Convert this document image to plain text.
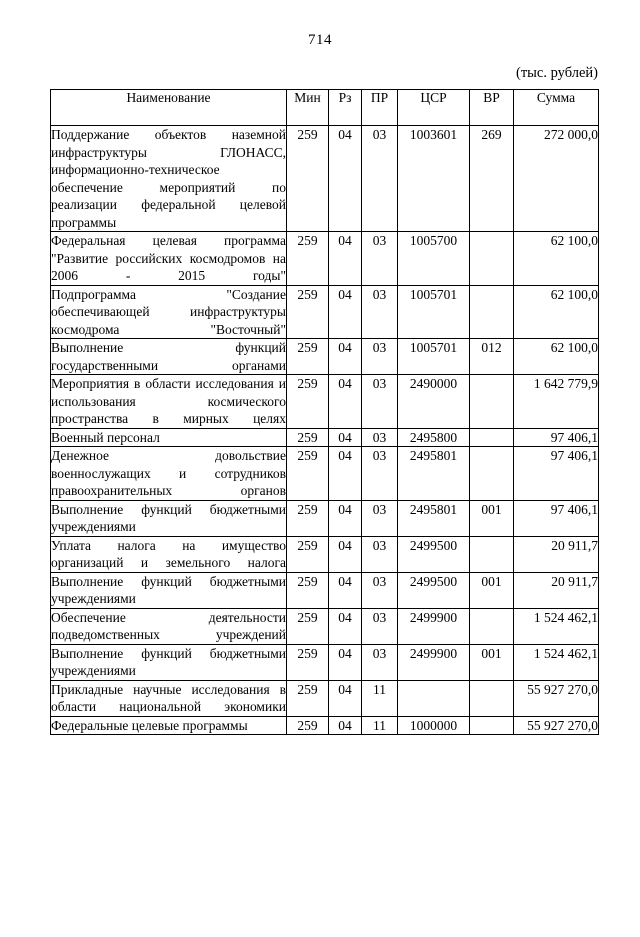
714
(тыс. рублей)
Наименование	Мин	Рз	ПР	ЦСР	ВР	Сумма
Поддержание объектов наземной инфраструктуры ГЛОНАСС, информационно-техническое обеспечение мероприятий по реализации федеральной целевой программы	259	04	03	1003601	269	272 000,0
Федеральная целевая программа "Развитие российских космодромов на 2006 - 2015 годы"	259	04	03	1005700		62 100,0
Подпрограмма "Создание обеспечивающей инфраструктуры космодрома "Восточный"	259	04	03	1005701		62 100,0
Выполнение функций государственными органами	259	04	03	1005701	012	62 100,0
Мероприятия в области исследования и использования космического пространства в мирных целях	259	04	03	2490000		1 642 779,9
Военный персонал	259	04	03	2495800		97 406,1
Денежное довольствие военнослужащих и сотрудников правоохранительных органов	259	04	03	2495801		97 406,1
Выполнение функций бюджетными учреждениями	259	04	03	2495801	001	97 406,1
Уплата налога на имущество организаций и земельного налога	259	04	03	2499500		20 911,7
Выполнение функций бюджетными учреждениями	259	04	03	2499500	001	20 911,7
Обеспечение деятельности подведомственных учреждений	259	04	03	2499900		1 524 462,1
Выполнение функций бюджетными учреждениями	259	04	03	2499900	001	1 524 462,1
Прикладные научные исследования в области национальной экономики	259	04	11			55 927 270,0
Федеральные целевые программы	259	04	11	1000000		55 927 270,0
